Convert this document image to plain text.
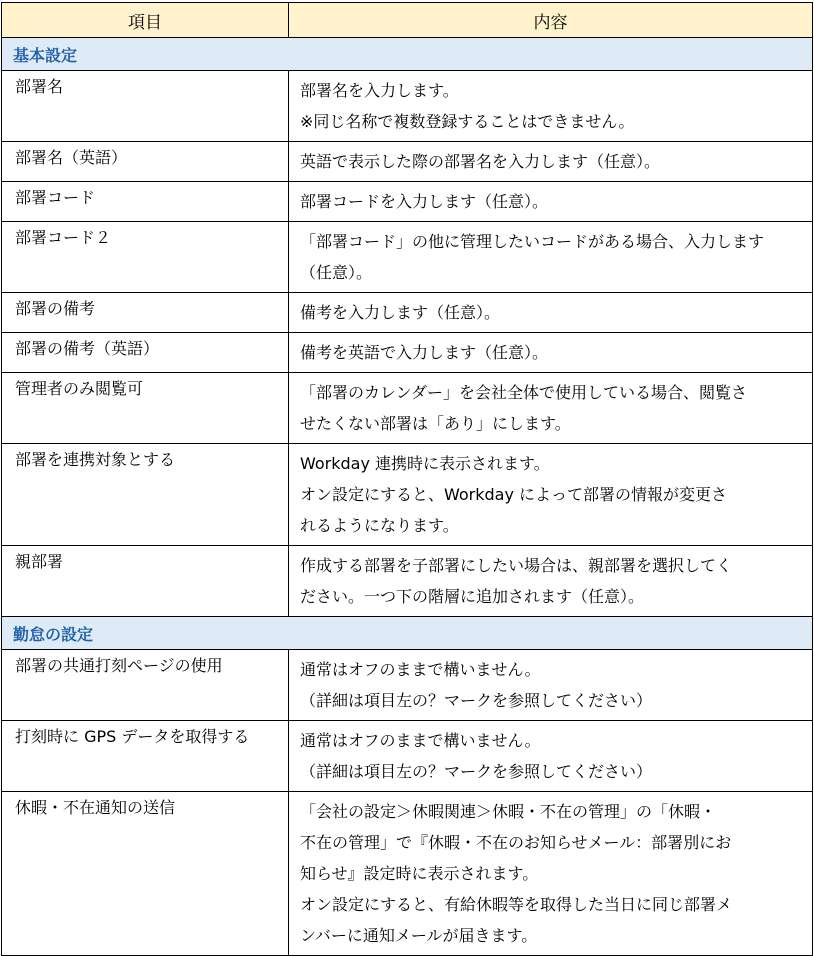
項目	内容
基本設定	
部署名	部署名を入力します。
※同じ名称で複数登録することはできません。

部署名（英語）	英語で表示した際の部署名を入力します（任意）。

部署コード	部署コードを入力します（任意）。

部署コード２	「部署コード」の他に管理したいコードがある場合、入力します
（任意）。

部署の備考	備考を入力します（任意）。

部署の備考（英語）	備考を英語で入力します（任意）。

管理者のみ閲覧可	「部署のカレンダー」を会社全体で使用している場合、閲覧さ
せたくない部署は「あり」にします。

部署を連携対象とする	Workday 連携時に表示されます。
オン設定にすると、Workday によって部署の情報が変更さ
れるようになります。

親部署	作成する部署を子部署にしたい場合は、親部署を選択してく
ださい。一つ下の階層に追加されます（任意）。

勤怠の設定	
部署の共通打刻ページの使用	通常はオフのままで構いません。
（詳細は項目左の？マークを参照してください）

打刻時に GPS データを取得する	通常はオフのままで構いません。
（詳細は項目左の？マークを参照してください）

休暇・不在通知の送信	「会社の設定＞休暇関連＞休暇・不在の管理」の「休暇・
不在の管理」で『休暇・不在のお知らせメール：部署別にお
知らせ』設定時に表示されます。
オン設定にすると、有給休暇等を取得した当日に同じ部署メ
ンバーに通知メールが届きます。
